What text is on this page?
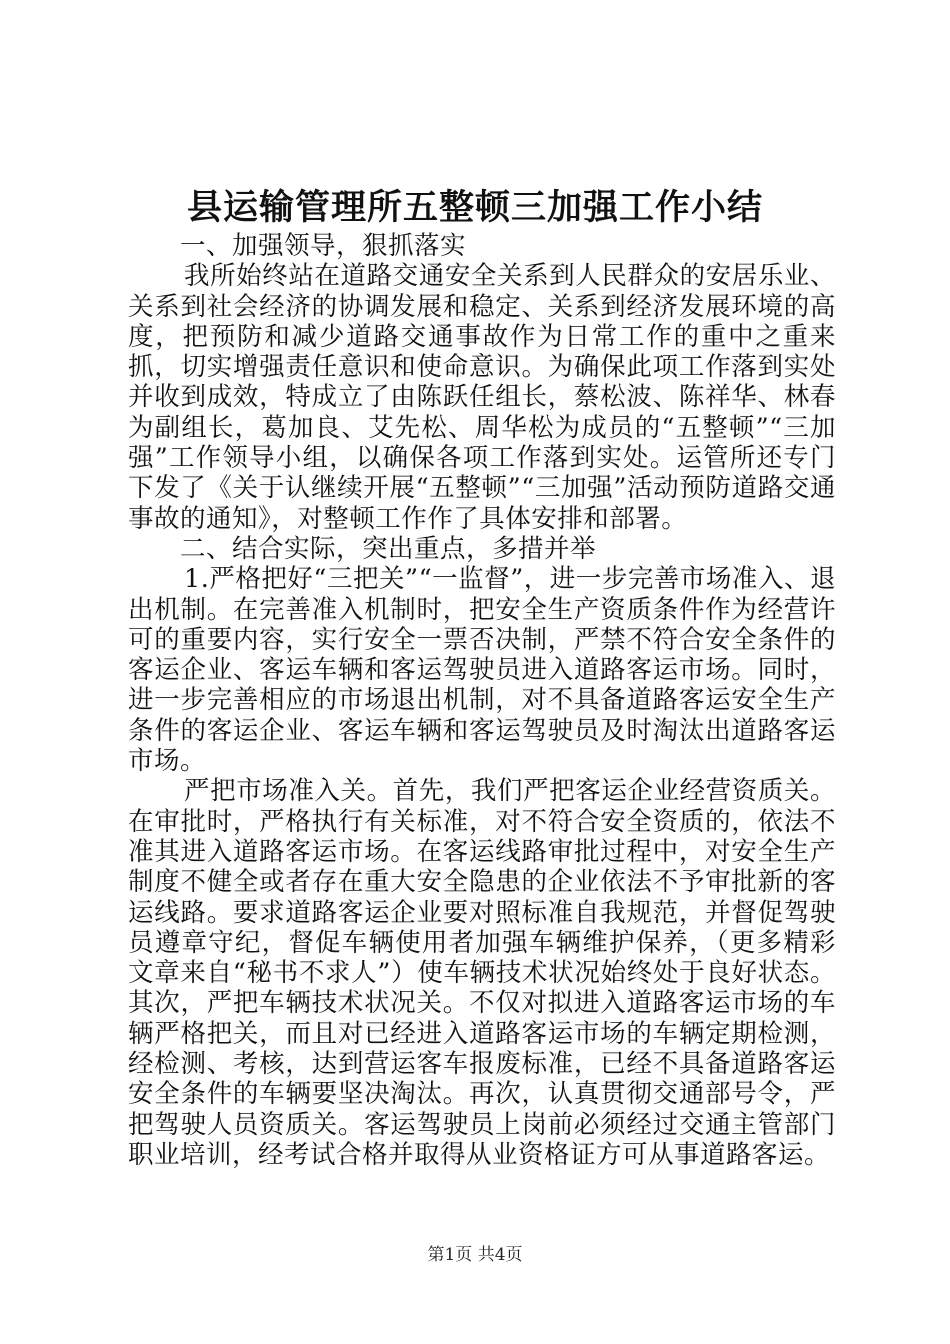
县运输管理所五整顿三加强工作小结

一、加强领导，狠抓落实

我所始终站在道路交通安全关系到人民群众的安居乐业、关系到社会经济的协调发展和稳定、关系到经济发展环境的高度，把预防和减少道路交通事故作为日常工作的重中之重来抓，切实增强责任意识和使命意识。为确保此项工作落到实处并收到成效，特成立了由陈跃任组长，蔡松波、陈祥华、林春为副组长，葛加良、艾先松、周华松为成员的“五整顿”“三加强”工作领导小组，以确保各项工作落到实处。运管所还专门下发了《关于认继续开展“五整顿”“三加强”活动预防道路交通事故的通知》，对整顿工作作了具体安排和部署。

二、结合实际，突出重点，多措并举

1.严格把好“三把关”“一监督”，进一步完善市场准入、退出机制。在完善准入机制时，把安全生产资质条件作为经营许可的重要内容，实行安全一票否决制，严禁不符合安全条件的客运企业、客运车辆和客运驾驶员进入道路客运市场。同时，进一步完善相应的市场退出机制，对不具备道路客运安全生产条件的客运企业、客运车辆和客运驾驶员及时淘汰出道路客运市场。

严把市场准入关。首先，我们严把客运企业经营资质关。在审批时，严格执行有关标准，对不符合安全资质的，依法不准其进入道路客运市场。在客运线路审批过程中，对安全生产制度不健全或者存在重大安全隐患的企业依法不予审批新的客运线路。要求道路客运企业要对照标准自我规范，并督促驾驶员遵章守纪，督促车辆使用者加强车辆维护保养，（更多精彩文章来自“秘书不求人”）使车辆技术状况始终处于良好状态。其次，严把车辆技术状况关。不仅对拟进入道路客运市场的车辆严格把关，而且对已经进入道路客运市场的车辆定期检测，经检测、考核，达到营运客车报废标准，已经不具备道路客运安全条件的车辆要坚决淘汰。再次，认真贯彻交通部号令，严把驾驶人员资质关。客运驾驶员上岗前必须经过交通主管部门职业培训，经考试合格并取得从业资格证方可从事道路客运。

第1页 共4页
